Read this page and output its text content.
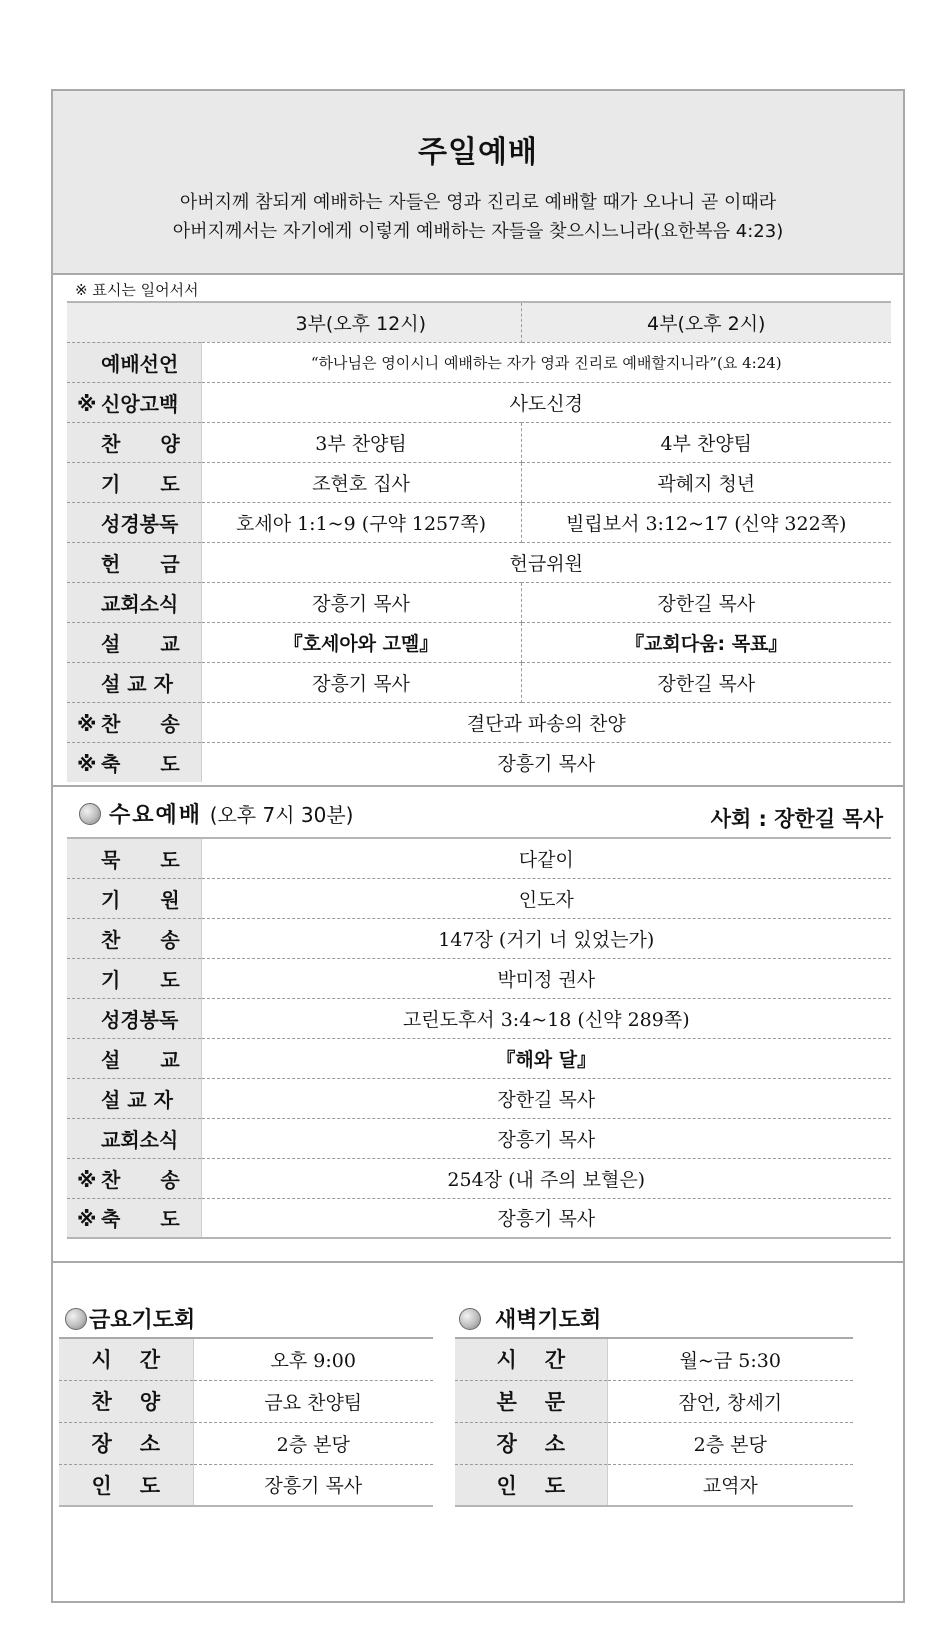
주일예배
아버지께 참되게 예배하는 자들은 영과 진리로 예배할 때가 오나니 곧 이때라
아버지께서는 자기에게 이렇게 예배하는 자들을 찾으시느니라(요한복음 4:23)
※ 표시는 일어서서
	3부(오후 12시)	4부(오후 2시)
예배선언	“하나님은 영이시니 예배하는 자가 영과 진리로 예배할지니라”(요 4:24)	
※ 신앙고백	사도신경	
찬　　양	3부 찬양팀	4부 찬양팀
기　　도	조현호 집사	곽혜지 청년
성경봉독	호세아 1:1~9 (구약 1257쪽)	빌립보서 3:12~17 (신약 322쪽)
헌　　금	헌금위원	
교회소식	장흥기 목사	장한길 목사
설　　교	『호세아와 고멜』	『교회다움: 목표』
설 교 자	장흥기 목사	장한길 목사
※ 찬　　송	결단과 파송의 찬양	
※ 축　　도	장흥기 목사	
수요예배 (오후 7시 30분)	사회 : 장한길 목사
묵　　도	다같이
기　　원	인도자
찬　　송	147장 (거기 너 있었는가)
기　　도	박미정 권사
성경봉독	고린도후서 3:4~18 (신약 289쪽)
설　　교	『해와 달』
설 교 자	장한길 목사
교회소식	장흥기 목사
※ 찬　　송	254장 (내 주의 보혈은)
※ 축　　도	장흥기 목사
금요기도회	새벽기도회
시간	오후 9:00
찬양	금요 찬양팀
장소	2층 본당
인도	장흥기 목사
시간	월~금 5:30
본문	잠언, 창세기
장소	2층 본당
인도	교역자
